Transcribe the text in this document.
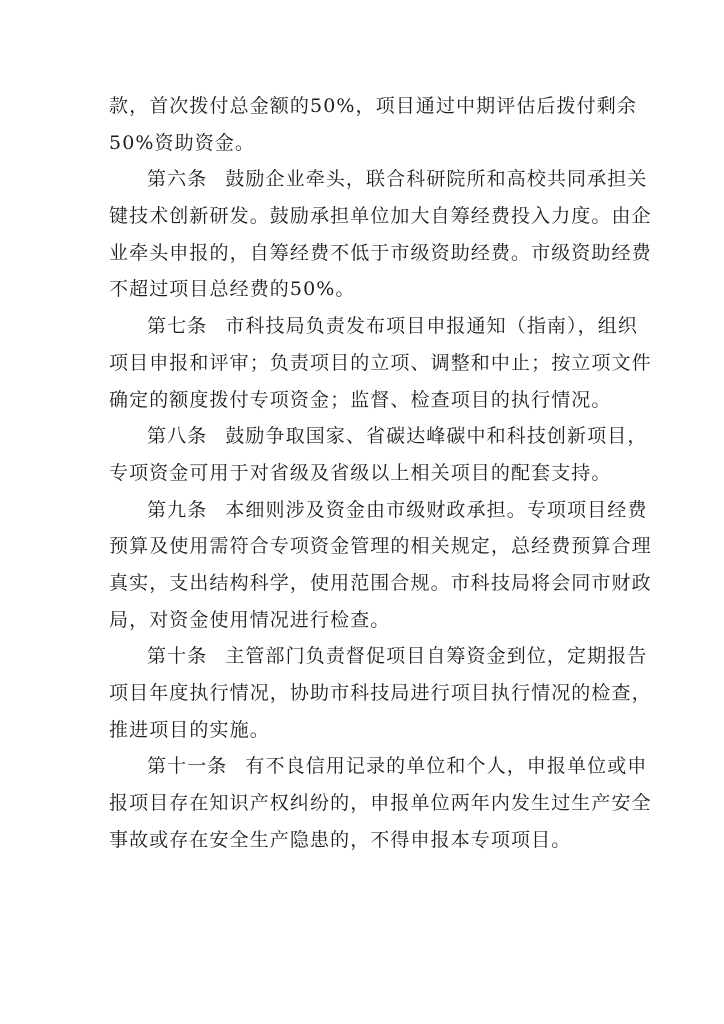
款，首次拨付总金额的50%，项目通过中期评估后拨付剩余
50%资助资金。
第六条 鼓励企业牵头，联合科研院所和高校共同承担关
键技术创新研发。鼓励承担单位加大自筹经费投入力度。由企
业牵头申报的，自筹经费不低于市级资助经费。市级资助经费
不超过项目总经费的50%。
第七条 市科技局负责发布项目申报通知（指南），组织
项目申报和评审；负责项目的立项、调整和中止；按立项文件
确定的额度拨付专项资金；监督、检查项目的执行情况。
第八条 鼓励争取国家、省碳达峰碳中和科技创新项目，
专项资金可用于对省级及省级以上相关项目的配套支持。
第九条 本细则涉及资金由市级财政承担。专项项目经费
预算及使用需符合专项资金管理的相关规定，总经费预算合理
真实，支出结构科学，使用范围合规。市科技局将会同市财政
局，对资金使用情况进行检查。
第十条 主管部门负责督促项目自筹资金到位，定期报告
项目年度执行情况，协助市科技局进行项目执行情况的检查，
推进项目的实施。
第十一条 有不良信用记录的单位和个人，申报单位或申
报项目存在知识产权纠纷的，申报单位两年内发生过生产安全
事故或存在安全生产隐患的，不得申报本专项项目。
